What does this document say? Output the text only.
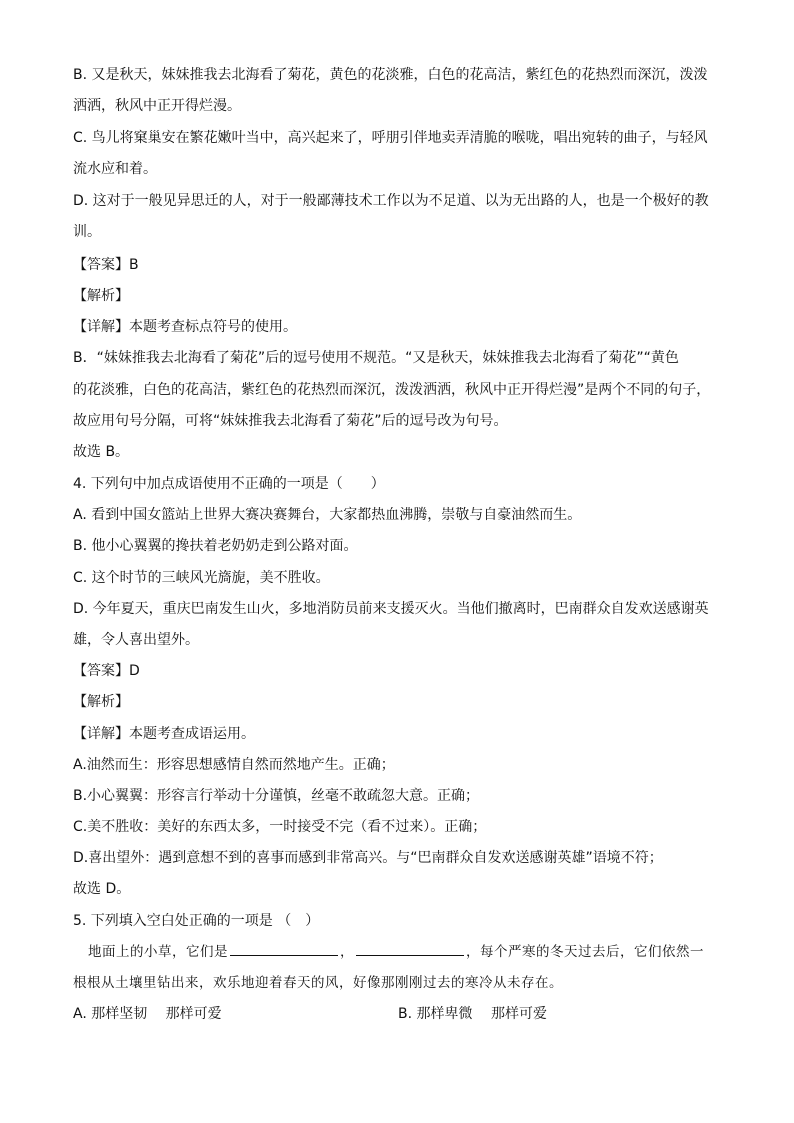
B. 又是秋天，妹妹推我去北海看了菊花，黄色的花淡雅，白色的花高洁，紫红色的花热烈而深沉，泼泼
洒洒，秋风中正开得烂漫。
C. 鸟儿将窠巢安在繁花嫩叶当中，高兴起来了，呼朋引伴地卖弄清脆的喉咙，唱出宛转的曲子，与轻风
流水应和着。
D. 这对于一般见异思迁的人，对于一般鄙薄技术工作以为不足道、以为无出路的人，也是一个极好的教
训。
【答案】B
【解析】
【详解】本题考查标点符号的使用。
B．“妹妹推我去北海看了菊花”后的逗号使用不规范。“又是秋天，妹妹推我去北海看了菊花”“黄色
的花淡雅，白色的花高洁，紫红色的花热烈而深沉，泼泼洒洒，秋风中正开得烂漫”是两个不同的句子，
故应用句号分隔，可将“妹妹推我去北海看了菊花”后的逗号改为句号。
故选 B。
4. 下列句中加点成语使用不正确的一项是（　　）
A. 看到中国女篮站上世界大赛决赛舞台，大家都热血沸腾，崇敬与自豪油然而生。
B. 他小心翼翼的搀扶着老奶奶走到公路对面。
C. 这个时节的三峡风光旖旎，美不胜收。
D. 今年夏天，重庆巴南发生山火，多地消防员前来支援灭火。当他们撤离时，巴南群众自发欢送感谢英
雄，令人喜出望外。
【答案】D
【解析】
【详解】本题考查成语运用。
A.油然而生：形容思想感情自然而然地产生。正确；
B.小心翼翼：形容言行举动十分谨慎，丝毫不敢疏忽大意。正确；
C.美不胜收：美好的东西太多，一时接受不完（看不过来）。正确；
D.喜出望外：遇到意想不到的喜事而感到非常高兴。与“巴南群众自发欢送感谢英雄”语境不符；
故选 D。
5. 下列填入空白处正确的一项是 （　）
地面上的小草，它们是	，	，每个严寒的冬天过去后，它们依然一
根根从土壤里钻出来，欢乐地迎着春天的风，好像那刚刚过去的寒冷从未存在。
A. 那样坚韧　 那样可爱	B. 那样卑微　 那样可爱
